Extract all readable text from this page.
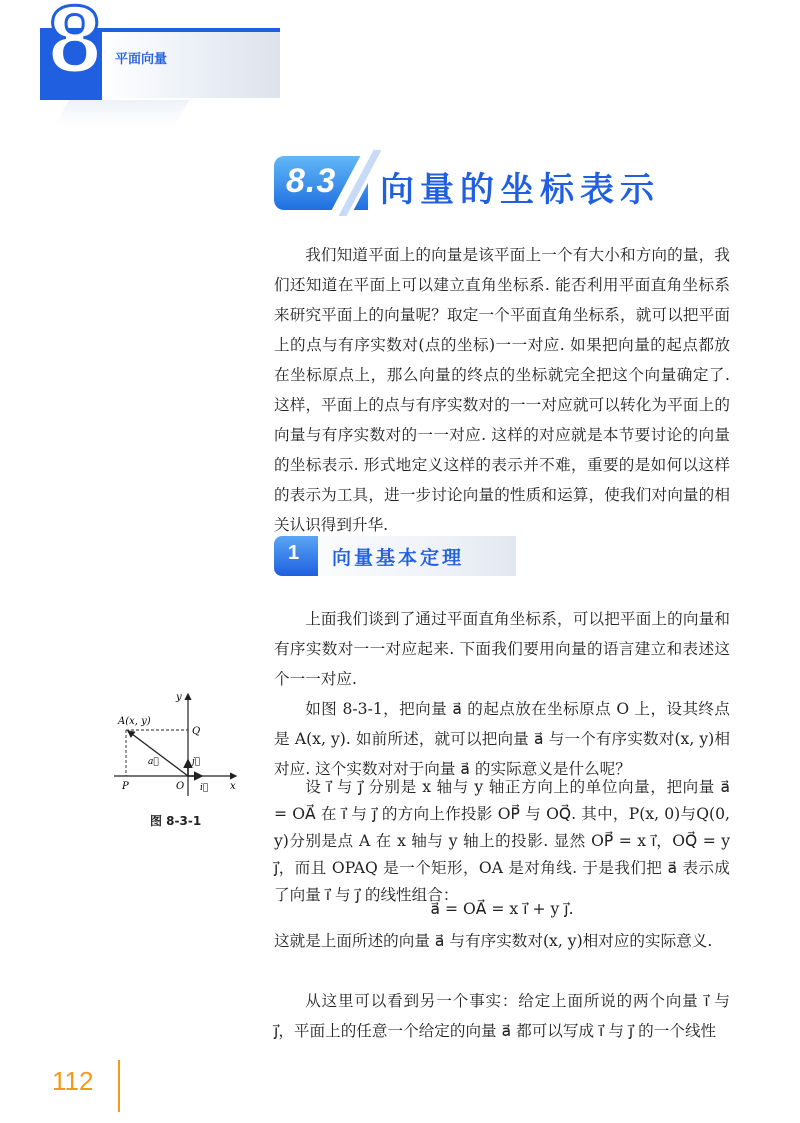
8 平面向量
8.3 向量的坐标表示

我们知道平面上的向量是该平面上一个有大小和方向的量，我们还知道在平面上可以建立直角坐标系. 能否利用平面直角坐标系来研究平面上的向量呢？取定一个平面直角坐标系，就可以把平面上的点与有序实数对(点的坐标)一一对应. 如果把向量的起点都放在坐标原点上，那么向量的终点的坐标就完全把这个向量确定了. 这样，平面上的点与有序实数对的一一对应就可以转化为平面上的向量与有序实数对的一一对应. 这样的对应就是本节要讨论的向量的坐标表示. 形式地定义这样的表示并不难，重要的是如何以这样的表示为工具，进一步讨论向量的性质和运算，使我们对向量的相关认识得到升华.

1 向量基本定理

上面我们谈到了通过平面直角坐标系，可以把平面上的向量和有序实数对一一对应起来. 下面我们要用向量的语言建立和表述这个一一对应.

如图 8-3-1，把向量 a⃗ 的起点放在坐标原点 O 上，设其终点是 A(x, y). 如前所述，就可以把向量 a⃗ 与一个有序实数对(x, y)相对应. 这个实数对对于向量 a⃗ 的实际意义是什么呢？

设 i⃗ 与 j⃗ 分别是 x 轴与 y 轴正方向上的单位向量，把向量 a⃗ = OA⃗ 在 i⃗ 与 j⃗ 的方向上作投影 OP⃗ 与 OQ⃗. 其中，P(x, 0)与Q(0, y)分别是点 A 在 x 轴与 y 轴上的投影. 显然 OP⃗ = x i⃗，OQ⃗ = y j⃗，而且 OPAQ 是一个矩形，OA 是对角线. 于是我们把 a⃗ 表示成了向量 i⃗ 与 j⃗ 的线性组合：

a⃗ = OA⃗ = x i⃗ + y j⃗.

这就是上面所述的向量 a⃗ 与有序实数对(x, y)相对应的实际意义.

从这里可以看到另一个事实：给定上面所说的两个向量 i⃗ 与 j⃗，平面上的任意一个给定的向量 a⃗ 都可以写成 i⃗ 与 j⃗ 的一个线性

A(x, y)
Q
P	O	x
y
a⃗
i⃗
j⃗
图 8-3-1
112
